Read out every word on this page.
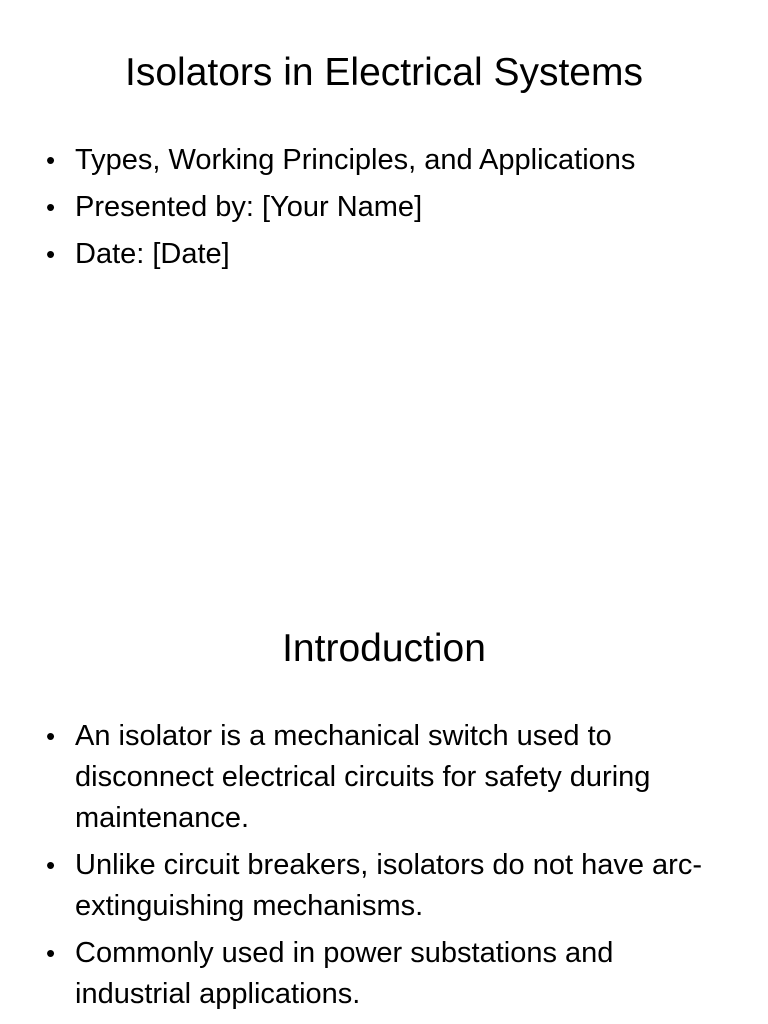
Isolators in Electrical Systems
• Types, Working Principles, and Applications
• Presented by: [Your Name]
• Date: [Date]
Introduction
• An isolator is a mechanical switch used to disconnect electrical circuits for safety during maintenance.
• Unlike circuit breakers, isolators do not have arc-extinguishing mechanisms.
• Commonly used in power substations and industrial applications.
